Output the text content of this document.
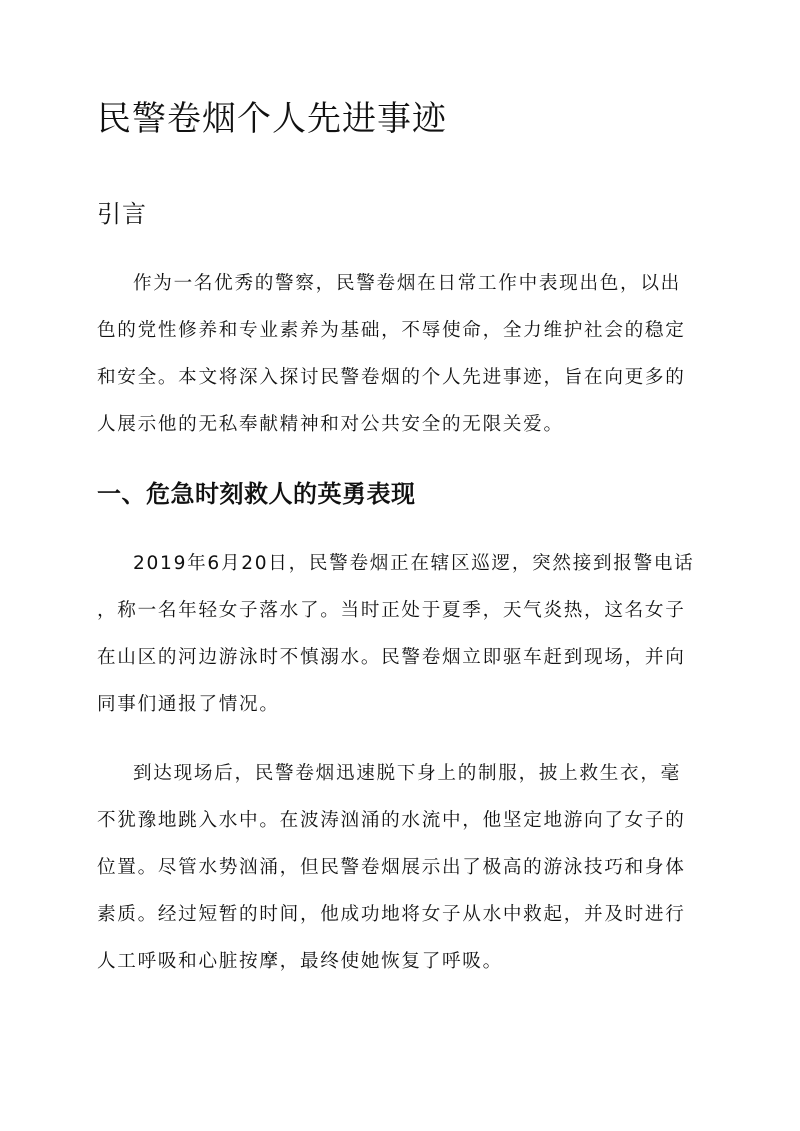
民警卷烟个人先进事迹
引言

作为一名优秀的警察，民警卷烟在日常工作中表现出色，以出

色的党性修养和专业素养为基础，不辱使命，全力维护社会的稳定

和安全。本文将深入探讨民警卷烟的个人先进事迹，旨在向更多的

人展示他的无私奉献精神和对公共安全的无限关爱。

一、危急时刻救人的英勇表现

2019年6月20日，民警卷烟正在辖区巡逻，突然接到报警电话

，称一名年轻女子落水了。当时正处于夏季，天气炎热，这名女子

在山区的河边游泳时不慎溺水。民警卷烟立即驱车赶到现场，并向

同事们通报了情况。

到达现场后，民警卷烟迅速脱下身上的制服，披上救生衣，毫

不犹豫地跳入水中。在波涛汹涌的水流中，他坚定地游向了女子的

位置。尽管水势汹涌，但民警卷烟展示出了极高的游泳技巧和身体

素质。经过短暂的时间，他成功地将女子从水中救起，并及时进行

人工呼吸和心脏按摩，最终使她恢复了呼吸。
